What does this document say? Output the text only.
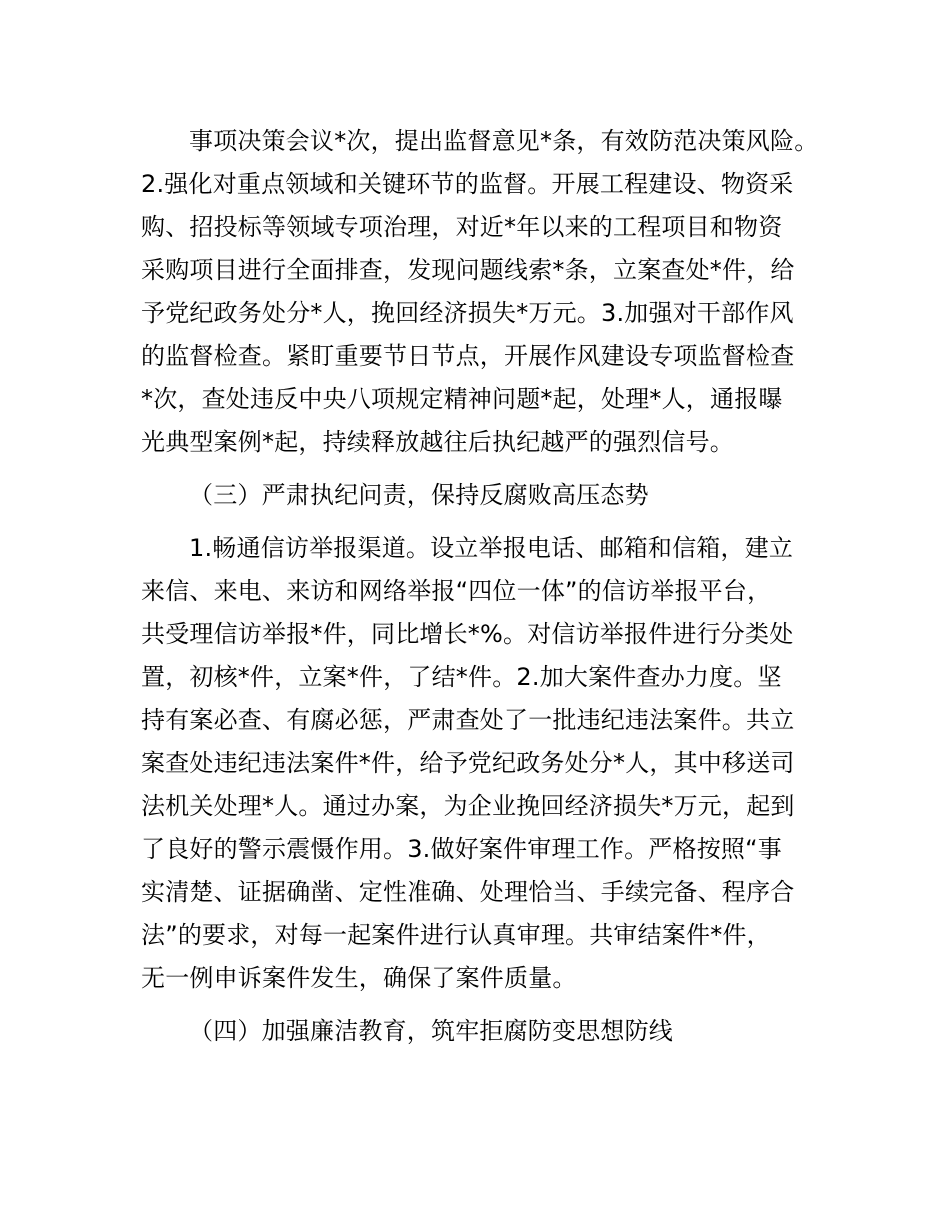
事项决策会议*次，提出监督意见*条，有效防范决策风险。
2.强化对重点领域和关键环节的监督。开展工程建设、物资采
购、招投标等领域专项治理，对近*年以来的工程项目和物资
采购项目进行全面排查，发现问题线索*条，立案查处*件，给
予党纪政务处分*人，挽回经济损失*万元。3.加强对干部作风
的监督检查。紧盯重要节日节点，开展作风建设专项监督检查
*次，查处违反中央八项规定精神问题*起，处理*人，通报曝
光典型案例*起，持续释放越往后执纪越严的强烈信号。
（三）严肃执纪问责，保持反腐败高压态势
1.畅通信访举报渠道。设立举报电话、邮箱和信箱，建立
来信、来电、来访和网络举报“四位一体”的信访举报平台，
共受理信访举报*件，同比增长*%。对信访举报件进行分类处
置，初核*件，立案*件，了结*件。2.加大案件查办力度。坚
持有案必查、有腐必惩，严肃查处了一批违纪违法案件。共立
案查处违纪违法案件*件，给予党纪政务处分*人，其中移送司
法机关处理*人。通过办案，为企业挽回经济损失*万元，起到
了良好的警示震慑作用。3.做好案件审理工作。严格按照“事
实清楚、证据确凿、定性准确、处理恰当、手续完备、程序合
法”的要求，对每一起案件进行认真审理。共审结案件*件，
无一例申诉案件发生，确保了案件质量。
（四）加强廉洁教育，筑牢拒腐防变思想防线
